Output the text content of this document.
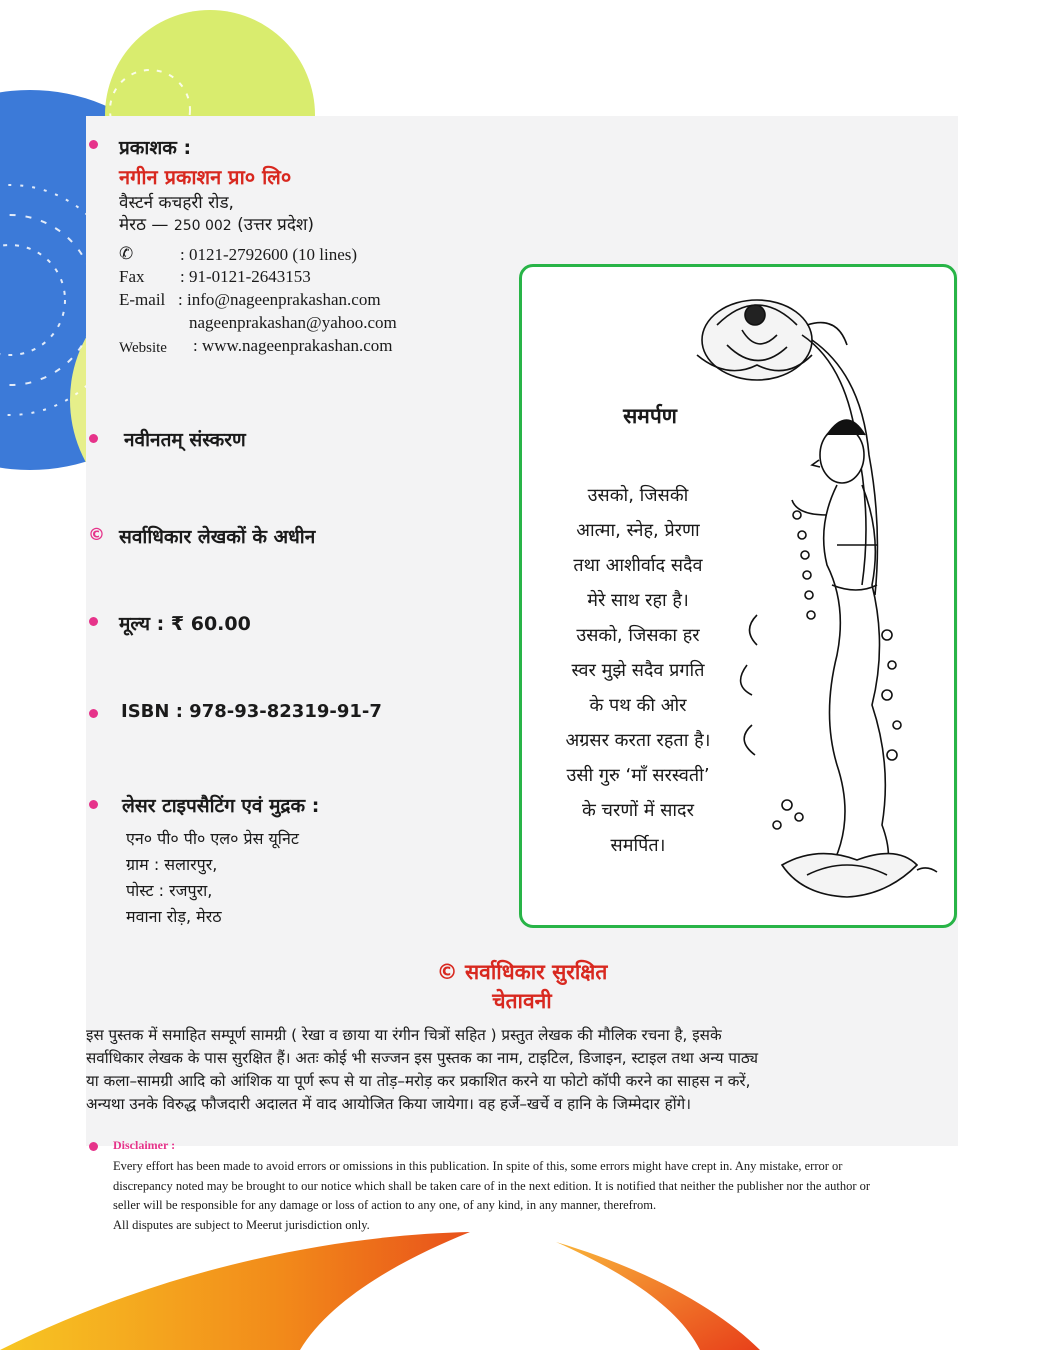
प्रकाशक :
नगीन प्रकाशन प्रा० लि०
वैस्टर्न कचहरी रोड,
मेरठ — 250 002 (उत्तर प्रदेश)
✆	: 0121-2792600 (10 lines)
Fax : 91-0121-2643153
E-mail : info@nageenprakashan.com
nageenprakashan@yahoo.com
Website : www.nageenprakashan.com
नवीनतम् संस्करण
© सर्वाधिकार लेखकों के अधीन
मूल्य : ₹ 60.00
ISBN : 978-93-82319-91-7
लेसर टाइपसैटिंग एवं मुद्रक :
एन० पी० पी० एल० प्रेस यूनिट
ग्राम : सलारपुर,
पोस्ट : रजपुरा,
मवाना रोड़, मेरठ
समर्पण
उसको, जिसकी
आत्मा, स्नेह, प्रेरणा
तथा आशीर्वाद सदैव
मेरे साथ रहा है।
उसको, जिसका हर
स्वर मुझे सदैव प्रगति
के पथ की ओर
अग्रसर करता रहता है।
उसी गुरु ‘माँ सरस्वती’
के चरणों में सादर
समर्पित।
© सर्वाधिकार सुरक्षित
चेतावनी
इस पुस्तक में समाहित सम्पूर्ण सामग्री ( रेखा व छाया या रंगीन चित्रों सहित ) प्रस्तुत लेखक की मौलिक रचना है, इसके
सर्वाधिकार लेखक के पास सुरक्षित हैं। अतः कोई भी सज्जन इस पुस्तक का नाम, टाइटिल, डिजाइन, स्टाइल तथा अन्य पाठ्य
या कला–सामग्री आदि को आंशिक या पूर्ण रूप से या तोड़–मरोड़ कर प्रकाशित करने या फोटो कॉपी करने का साहस न करें,
अन्यथा उनके विरुद्ध फौजदारी अदालत में वाद आयोजित किया जायेगा। वह हर्जे–खर्चे व हानि के जिम्मेदार होंगे।
Disclaimer :
Every effort has been made to avoid errors or omissions in this publication. In spite of this, some errors might have crept in. Any mistake, error or
discrepancy noted may be brought to our notice which shall be taken care of in the next edition. It is notified that neither the publisher nor the author or
seller will be responsible for any damage or loss of action to any one, of any kind, in any manner, therefrom.
All disputes are subject to Meerut jurisdiction only.
